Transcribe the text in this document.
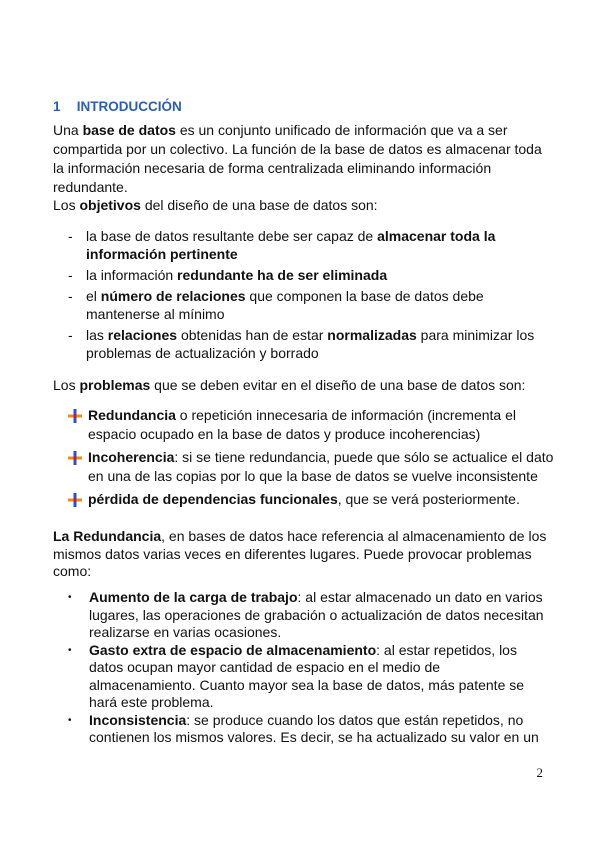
1 INTRODUCCIÓN

Una base de datos es un conjunto unificado de información que va a ser compartida por un colectivo. La función de la base de datos es almacenar toda la información necesaria de forma centralizada eliminando información redundante.

Los objetivos del diseño de una base de datos son:

- la base de datos resultante debe ser capaz de almacenar toda la información pertinente
- la información redundante ha de ser eliminada
- el número de relaciones que componen la base de datos debe mantenerse al mínimo
- las relaciones obtenidas han de estar normalizadas para minimizar los problemas de actualización y borrado

Los problemas que se deben evitar en el diseño de una base de datos son:

Redundancia o repetición innecesaria de información (incrementa el espacio ocupado en la base de datos y produce incoherencias)
Incoherencia: si se tiene redundancia, puede que sólo se actualice el dato en una de las copias por lo que la base de datos se vuelve inconsistente
pérdida de dependencias funcionales, que se verá posteriormente.

La Redundancia, en bases de datos hace referencia al almacenamiento de los mismos datos varias veces en diferentes lugares. Puede provocar problemas como:

• Aumento de la carga de trabajo: al estar almacenado un dato en varios lugares, las operaciones de grabación o actualización de datos necesitan realizarse en varias ocasiones.
• Gasto extra de espacio de almacenamiento: al estar repetidos, los datos ocupan mayor cantidad de espacio en el medio de almacenamiento. Cuanto mayor sea la base de datos, más patente se hará este problema.
• Inconsistencia: se produce cuando los datos que están repetidos, no contienen los mismos valores. Es decir, se ha actualizado su valor en un
2
